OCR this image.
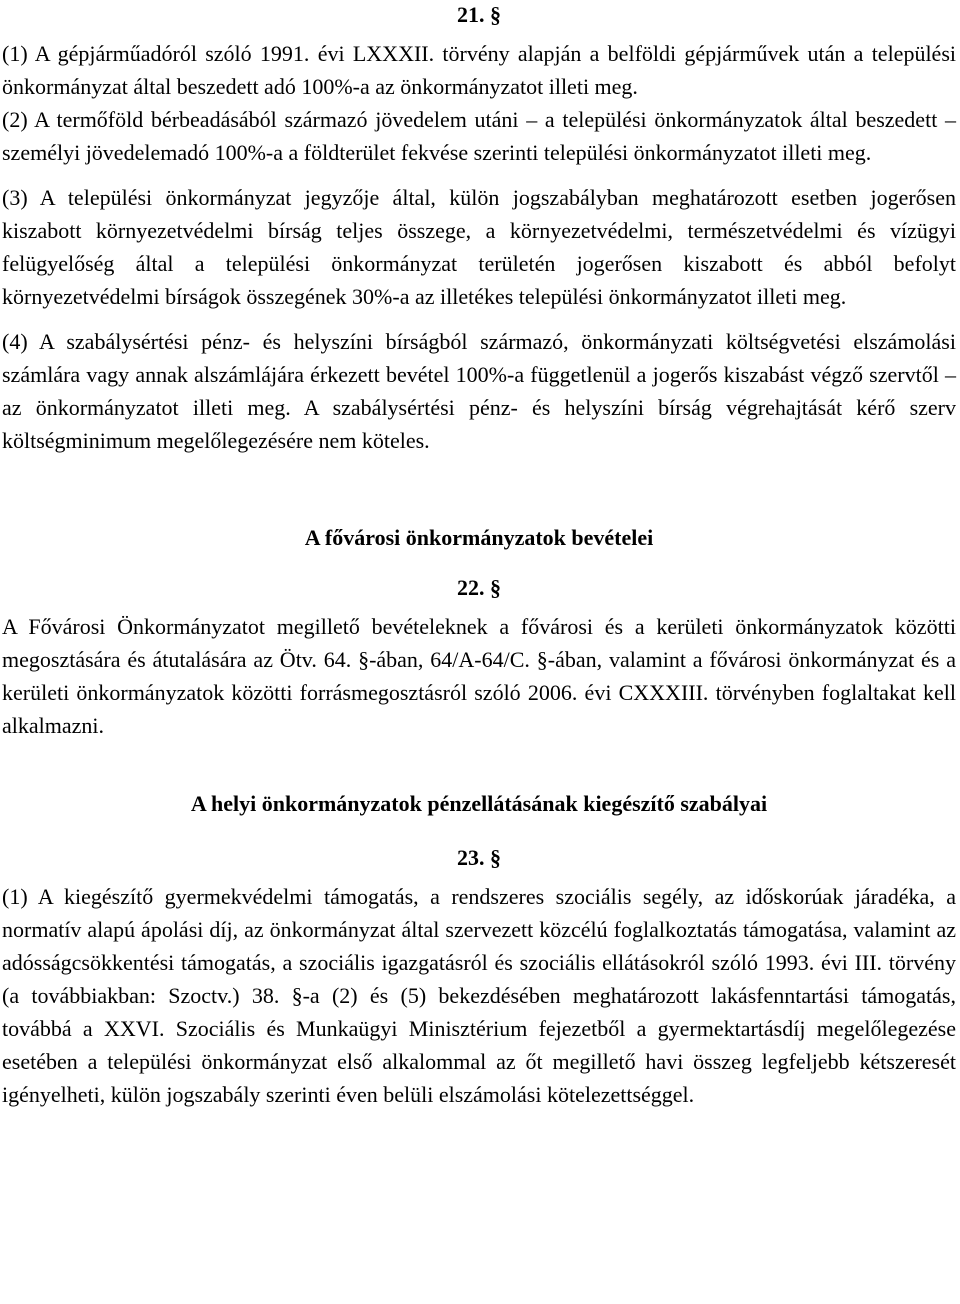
21. §

(1) A gépjárműadóról szóló 1991. évi LXXXII. törvény alapján a belföldi gépjárművek után a települési önkormányzat által beszedett adó 100%-a az önkormányzatot illeti meg.

(2) A termőföld bérbeadásából származó jövedelem utáni – a települési önkormányzatok által beszedett – személyi jövedelemadó 100%-a a földterület fekvése szerinti települési önkormányzatot illeti meg.

(3) A települési önkormányzat jegyzője által, külön jogszabályban meghatározott esetben jogerősen kiszabott környezetvédelmi bírság teljes összege, a környezetvédelmi, természetvédelmi és vízügyi felügyelőség által a települési önkormányzat területén jogerősen kiszabott és abból befolyt környezetvédelmi bírságok összegének 30%-a az illetékes települési önkormányzatot illeti meg.

(4) A szabálysértési pénz- és helyszíni bírságból származó, önkormányzati költségvetési elszámolási számlára vagy annak alszámlájára érkezett bevétel 100%-a függetlenül a jogerős kiszabást végző szervtől – az önkormányzatot illeti meg. A szabálysértési pénz- és helyszíni bírság végrehajtását kérő szerv költségminimum megelőlegezésére nem köteles.

A fővárosi önkormányzatok bevételei
22. §

A Fővárosi Önkormányzatot megillető bevételeknek a fővárosi és a kerületi önkormányzatok közötti megosztására és átutalására az Ötv. 64. §-ában, 64/A-64/C. §-ában, valamint a fővárosi önkormányzat és a kerületi önkormányzatok közötti forrásmegosztásról szóló 2006. évi CXXXIII. törvényben foglaltakat kell alkalmazni.

A helyi önkormányzatok pénzellátásának kiegészítő szabályai
23. §

(1) A kiegészítő gyermekvédelmi támogatás, a rendszeres szociális segély, az időskorúak járadéka, a normatív alapú ápolási díj, az önkormányzat által szervezett közcélú foglalkoztatás támogatása, valamint az adósságcsökkentési támogatás, a szociális igazgatásról és szociális ellátásokról szóló 1993. évi III. törvény (a továbbiakban: Szoctv.) 38. §-a (2) és (5) bekezdésében meghatározott lakásfenntartási támogatás, továbbá a XXVI. Szociális és Munkaügyi Minisztérium fejezetből a gyermektartásdíj megelőlegezése esetében a települési önkormányzat első alkalommal az őt megillető havi összeg legfeljebb kétszeresét igényelheti, külön jogszabály szerinti éven belüli elszámolási kötelezettséggel.
